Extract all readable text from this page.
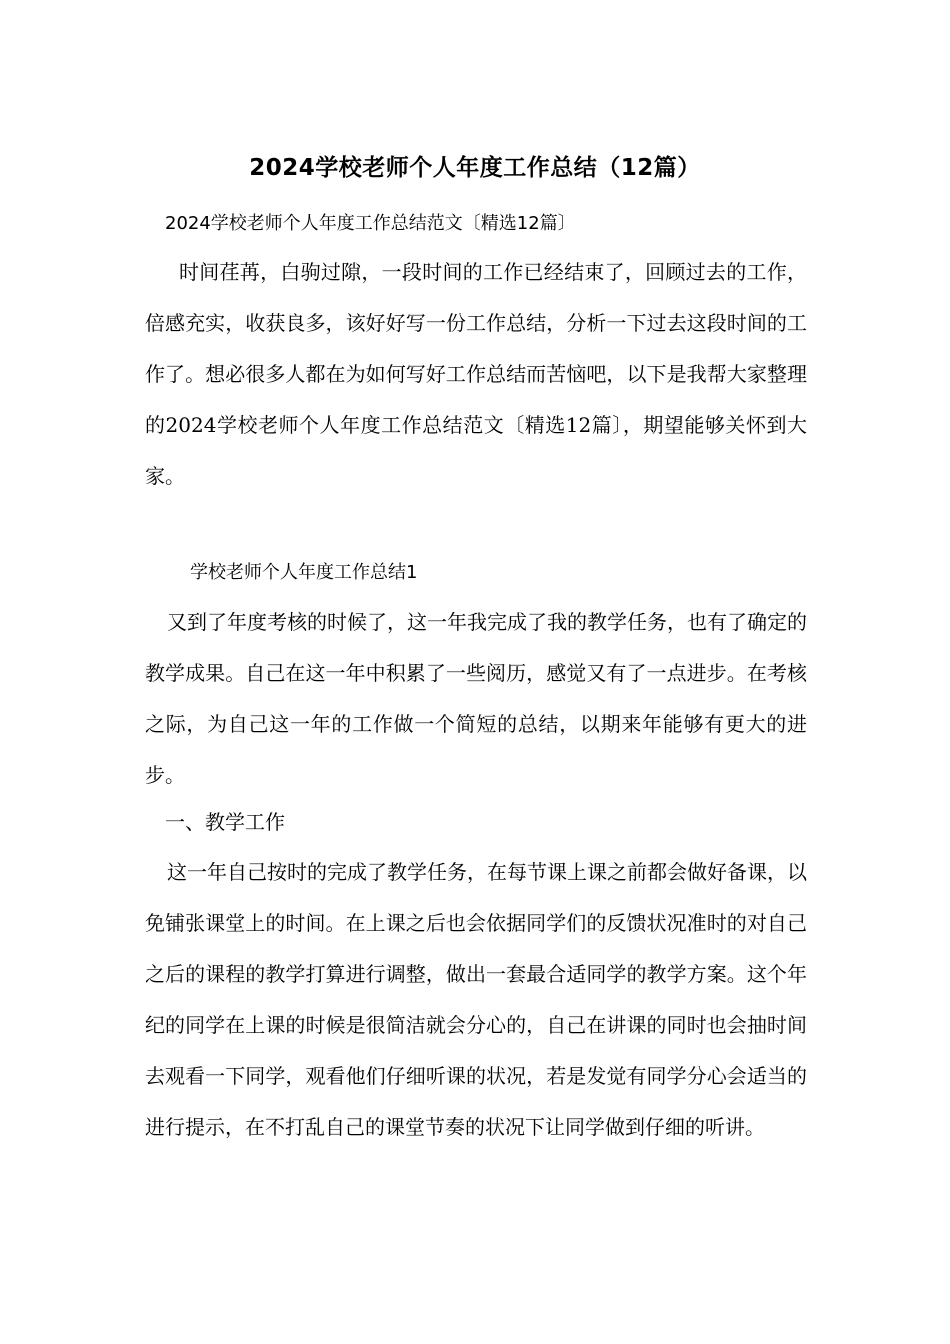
2024学校老师个人年度工作总结（12篇）
2024学校老师个人年度工作总结范文〔精选12篇〕
时间荏苒，白驹过隙，一段时间的工作已经结束了，回顾过去的工作，倍感充实，收获良多，该好好写一份工作总结，分析一下过去这段时间的工作了。想必很多人都在为如何写好工作总结而苦恼吧，以下是我帮大家整理的2024学校老师个人年度工作总结范文〔精选12篇〕，期望能够关怀到大家。
学校老师个人年度工作总结1
又到了年度考核的时候了，这一年我完成了我的教学任务，也有了确定的教学成果。自己在这一年中积累了一些阅历，感觉又有了一点进步。在考核之际，为自己这一年的工作做一个简短的总结，以期来年能够有更大的进步。
一、教学工作
这一年自己按时的完成了教学任务，在每节课上课之前都会做好备课，以免铺张课堂上的时间。在上课之后也会依据同学们的反馈状况准时的对自己之后的课程的教学打算进行调整，做出一套最合适同学的教学方案。这个年纪的同学在上课的时候是很简洁就会分心的，自己在讲课的同时也会抽时间去观看一下同学，观看他们仔细听课的状况，若是发觉有同学分心会适当的进行提示，在不打乱自己的课堂节奏的状况下让同学做到仔细的听讲。
